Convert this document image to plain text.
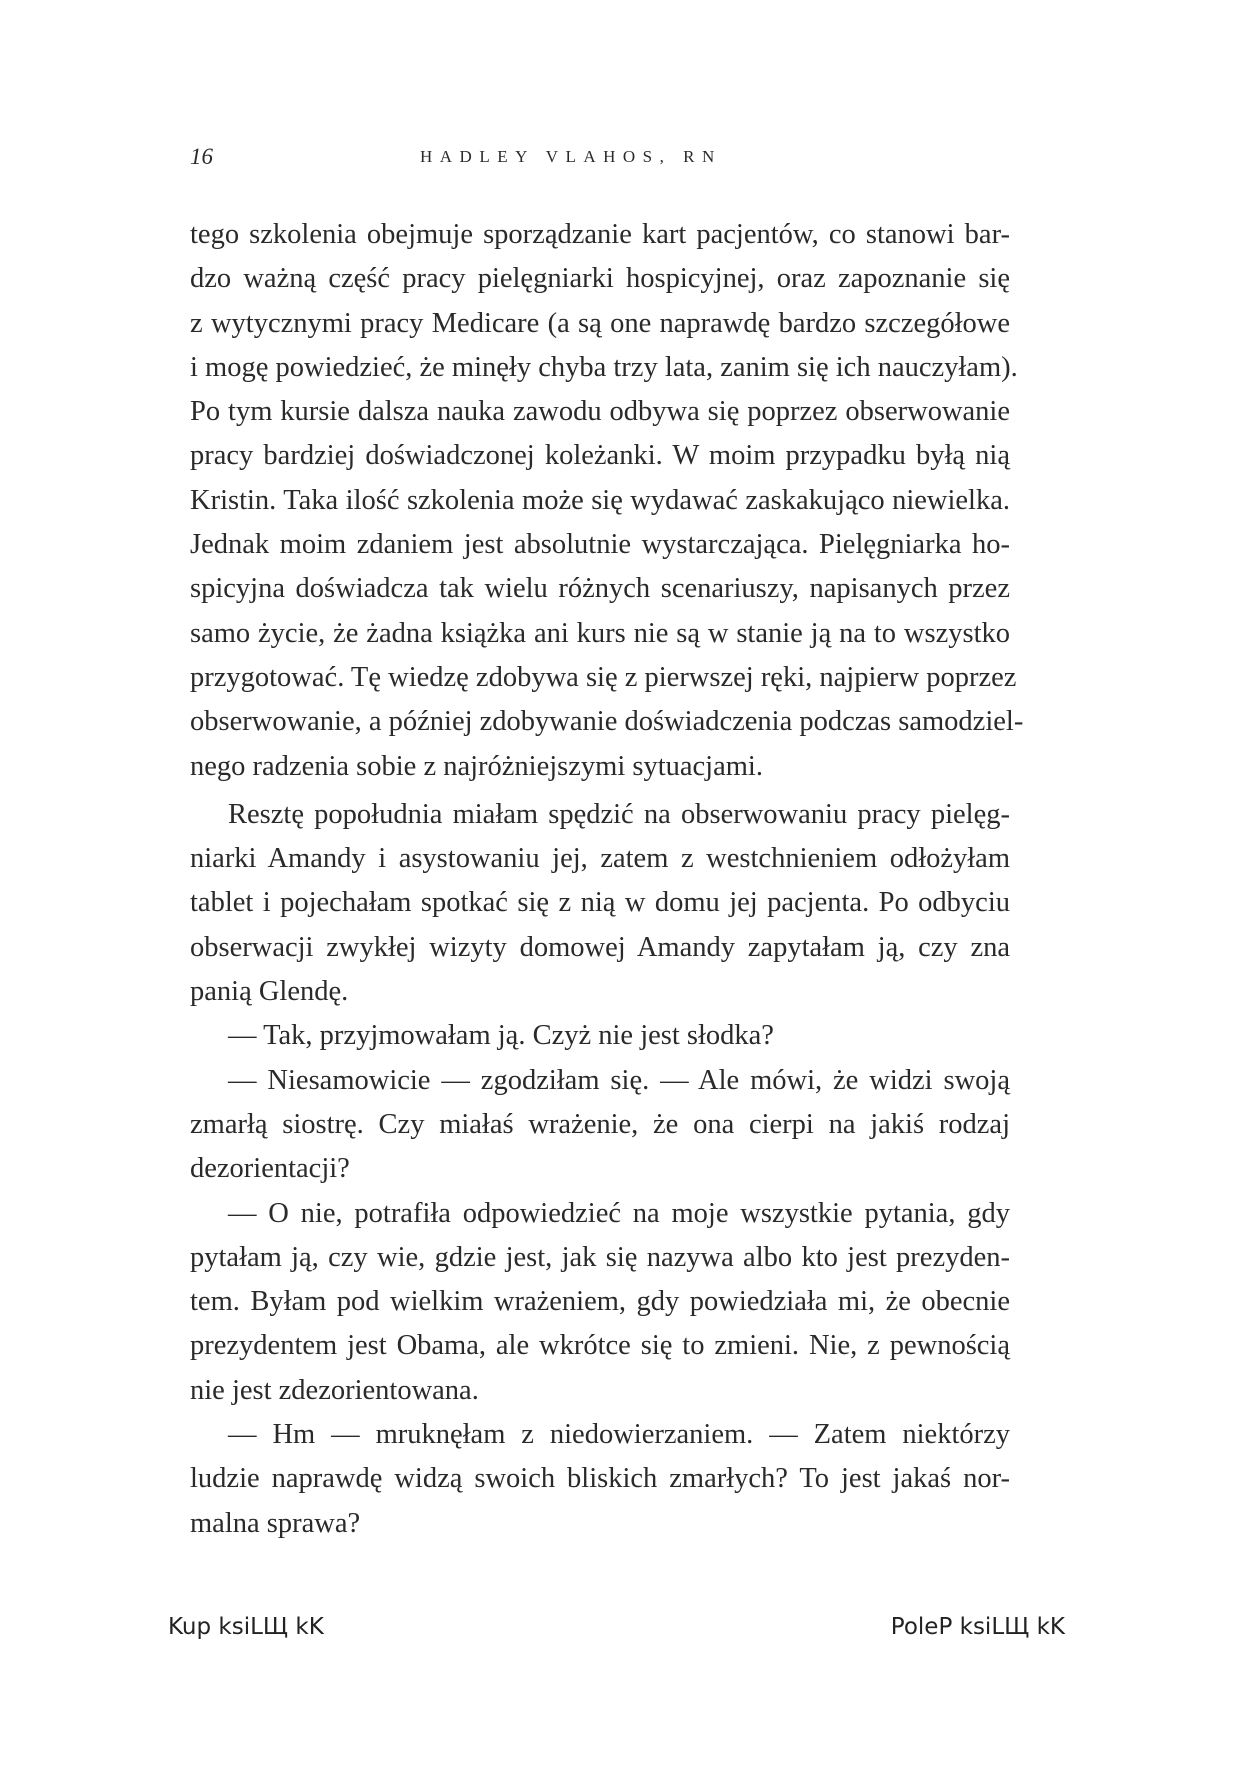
16	HADLEY VLAHOS, RN
tego szkolenia obejmuje sporządzanie kart pacjentów, co stanowi bar-
dzo ważną część pracy pielęgniarki hospicyjnej, oraz zapoznanie się
z wytycznymi pracy Medicare (a są one naprawdę bardzo szczegółowe
i mogę powiedzieć, że minęły chyba trzy lata, zanim się ich nauczyłam).
Po tym kursie dalsza nauka zawodu odbywa się poprzez obserwowanie
pracy bardziej doświadczonej koleżanki. W moim przypadku byłą nią
Kristin. Taka ilość szkolenia może się wydawać zaskakująco niewielka.
Jednak moim zdaniem jest absolutnie wystarczająca. Pielęgniarka ho-
spicyjna doświadcza tak wielu różnych scenariuszy, napisanych przez
samo życie, że żadna książka ani kurs nie są w stanie ją na to wszystko
przygotować. Tę wiedzę zdobywa się z pierwszej ręki, najpierw poprzez
obserwowanie, a później zdobywanie doświadczenia podczas samodziel-
nego radzenia sobie z najróżniejszymi sytuacjami.
Resztę popołudnia miałam spędzić na obserwowaniu pracy pielęg-
niarki Amandy i asystowaniu jej, zatem z westchnieniem odłożyłam
tablet i pojechałam spotkać się z nią w domu jej pacjenta. Po odbyciu
obserwacji zwykłej wizyty domowej Amandy zapytałam ją, czy zna
panią Glendę.
— Tak, przyjmowałam ją. Czyż nie jest słodka?
— Niesamowicie — zgodziłam się. — Ale mówi, że widzi swoją
zmarłą siostrę. Czy miałaś wrażenie, że ona cierpi na jakiś rodzaj
dezorientacji?
— O nie, potrafiła odpowiedzieć na moje wszystkie pytania, gdy
pytałam ją, czy wie, gdzie jest, jak się nazywa albo kto jest prezyden-
tem. Byłam pod wielkim wrażeniem, gdy powiedziała mi, że obecnie
prezydentem jest Obama, ale wkrótce się to zmieni. Nie, z pewnością
nie jest zdezorientowana.
— Hm — mruknęłam z niedowierzaniem. — Zatem niektórzy
ludzie naprawdę widzą swoich bliskich zmarłych? To jest jakaś nor-
malna sprawa?
Kup ksiLЩ kK	PoleP ksiLЩ kK
